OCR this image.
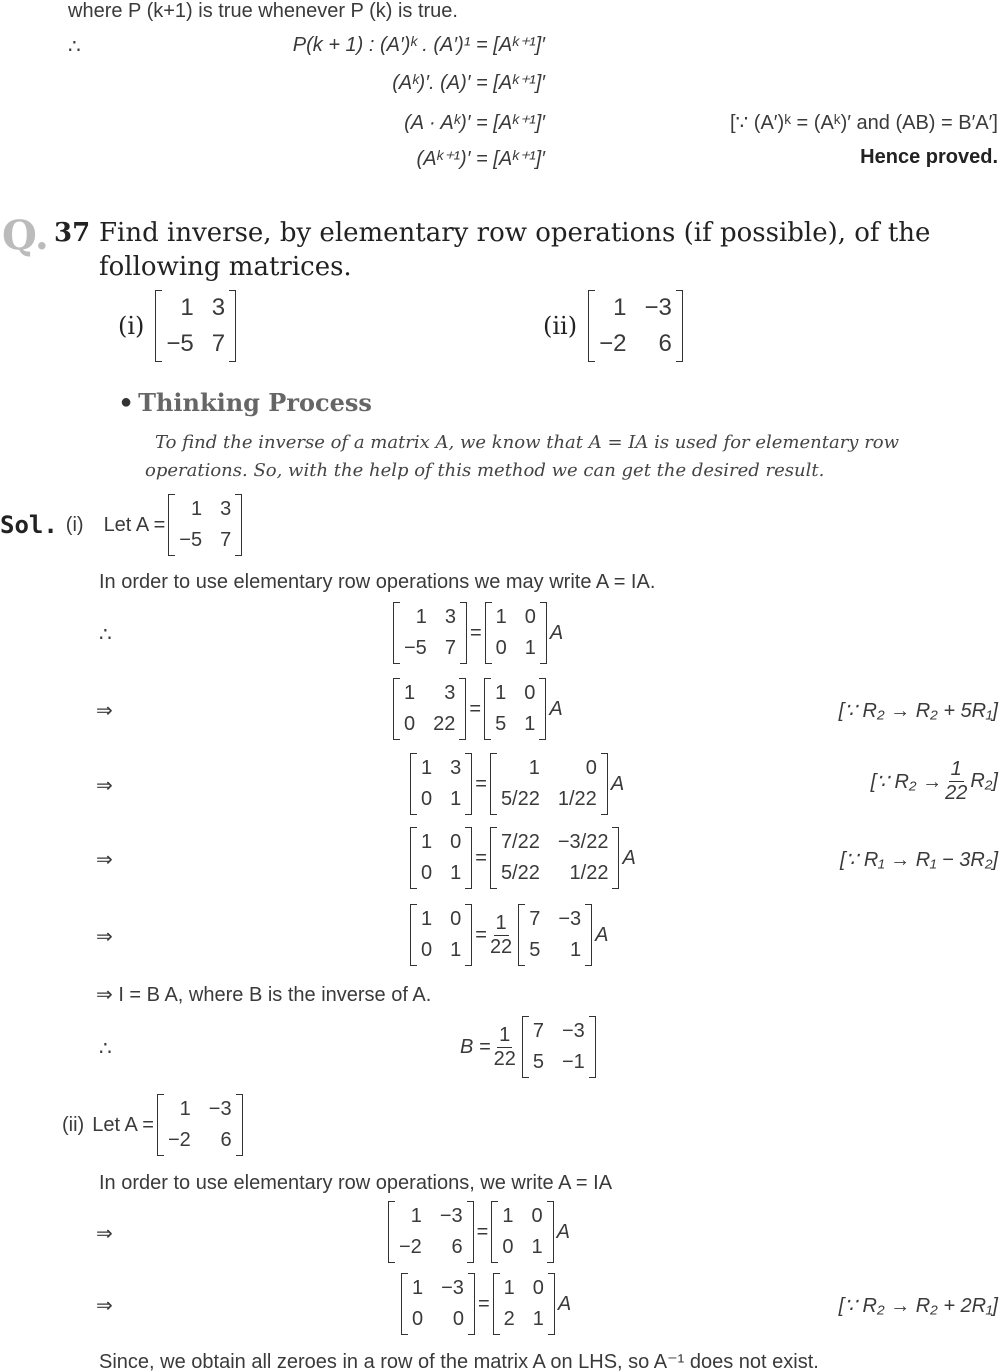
where P (k+1) is true whenever P (k) is true.
∴	P(k + 1) : (A′)ᵏ . (A′)¹ = [Aᵏ⁺¹]′
(Aᵏ)′. (A)′ = [Aᵏ⁺¹]′
(A · Aᵏ)′ = [Aᵏ⁺¹]′
(Aᵏ⁺¹)′ = [Aᵏ⁺¹]′
[∵ (A′)ᵏ = (Aᵏ)′ and (AB) = B′A′]
Hence proved.
Q. 37 Find inverse, by elementary row operations (if possible), of the
following matrices.
(i)
1 3
−5 7
(ii)
1 −3
−2 6
● Thinking Process
To find the inverse of a matrix A, we know that A = IA is used for elementary row
operations. So, with the help of this method we can get the desired result.
Sol. (i) Let A =
1 3
−5 7
In order to use elementary row operations we may write A = IA.
∴
1 3
−5 7
=
1 0
0 1
A
⇒
1 3
0 22
=
1 0
5 1
A	[∵ R₂ → R₂ + 5R₁]
⇒
1 3
0 1
=
1 0
5/22 1/22
A	[∵ $R_2 \to \frac{1}{22} R_2$]
⇒
1 0
0 1
=
7/22 −3/22
5/22 1/22
A	[∵ R₁ → R₁ − 3R₂]
⇒
1 0
0 1
= $\frac{1}{22} 7 -3$
5 1
A
⇒ I = B A, where B is the inverse of A.
∴	$B = \frac{1}{22} 7 -3$
5 −1
(ii) Let A =
1 −3
−2 6
In order to use elementary row operations, we write A = IA
⇒
1 −3
−2 6
=
1 0
0 1
A
⇒
1 −3
0 0
=
1 0
2 1
A	[∵ R₂ → R₂ + 2R₁]
Since, we obtain all zeroes in a row of the matrix A on LHS, so A⁻¹ does not exist.
